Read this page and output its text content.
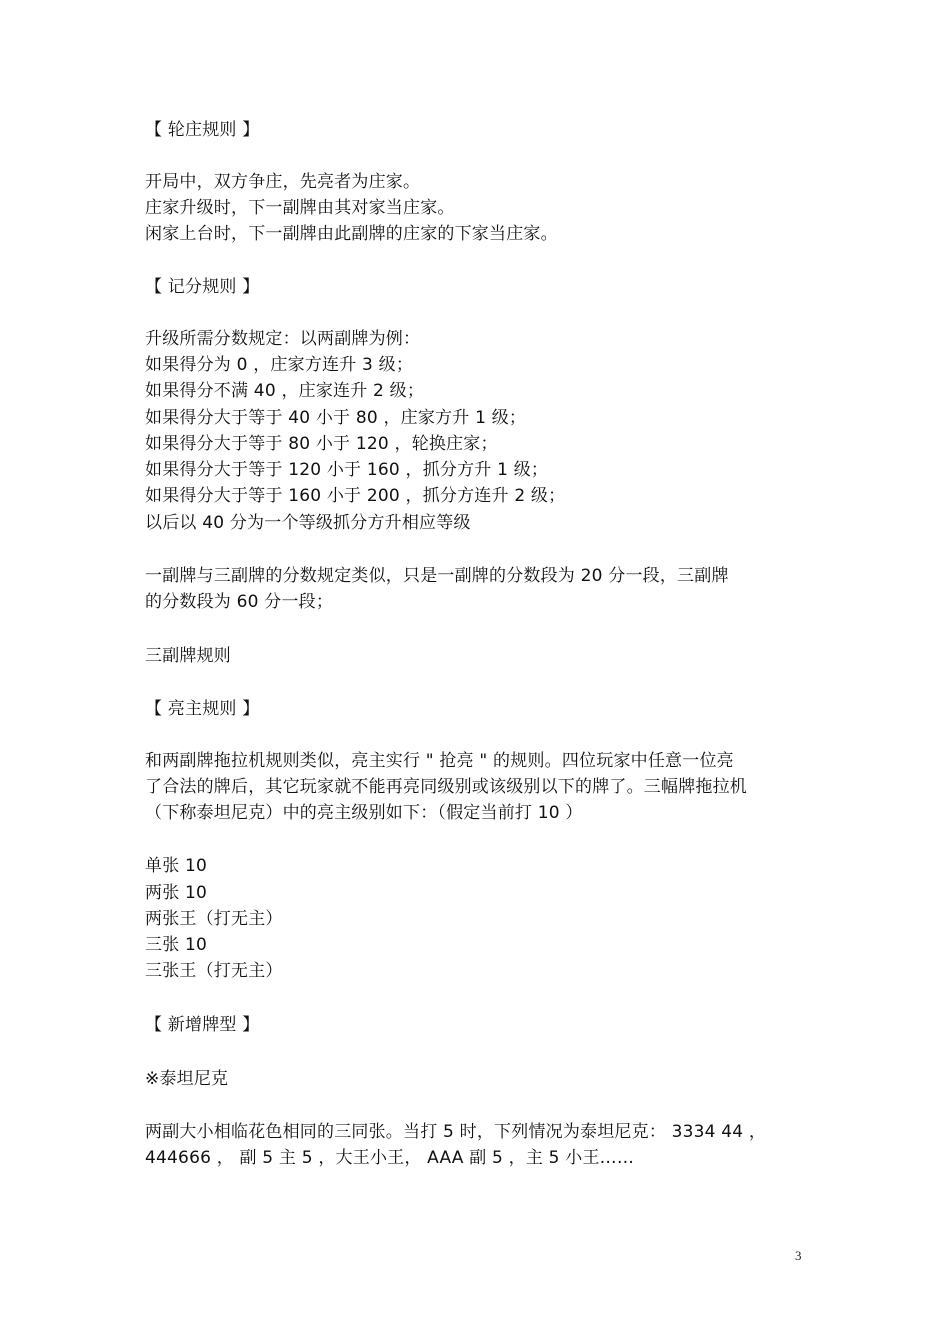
【 轮庄规则 】

开局中，双方争庄，先亮者为庄家。

庄家升级时，下一副牌由其对家当庄家。

闲家上台时，下一副牌由此副牌的庄家的下家当庄家。

【 记分规则 】

升级所需分数规定：以两副牌为例：

如果得分为 0 ，庄家方连升 3 级；

如果得分不满 40 ，庄家连升 2 级；

如果得分大于等于 40 小于 80 ，庄家方升 1 级；

如果得分大于等于 80 小于 120 ，轮换庄家；

如果得分大于等于 120 小于 160 ，抓分方升 1 级；

如果得分大于等于 160 小于 200 ，抓分方连升 2 级；

以后以 40 分为一个等级抓分方升相应等级

一副牌与三副牌的分数规定类似，只是一副牌的分数段为 20 分一段，三副牌

的分数段为 60 分一段；

三副牌规则

【 亮主规则 】

和两副牌拖拉机规则类似，亮主实行 " 抢亮 " 的规则。四位玩家中任意一位亮

了合法的牌后，其它玩家就不能再亮同级别或该级别以下的牌了。三幅牌拖拉机

（下称泰坦尼克）中的亮主级别如下：（假定当前打 10 ）

单张 10

两张 10

两张王（打无主）

三张 10

三张王（打无主）

【 新增牌型 】

※泰坦尼克

两副大小相临花色相同的三同张。当打 5 时，下列情况为泰坦尼克： 3334 44 ，

444666 ， 副 5 主 5 ，大王小王， AAA 副 5 ，主 5 小王……

3
